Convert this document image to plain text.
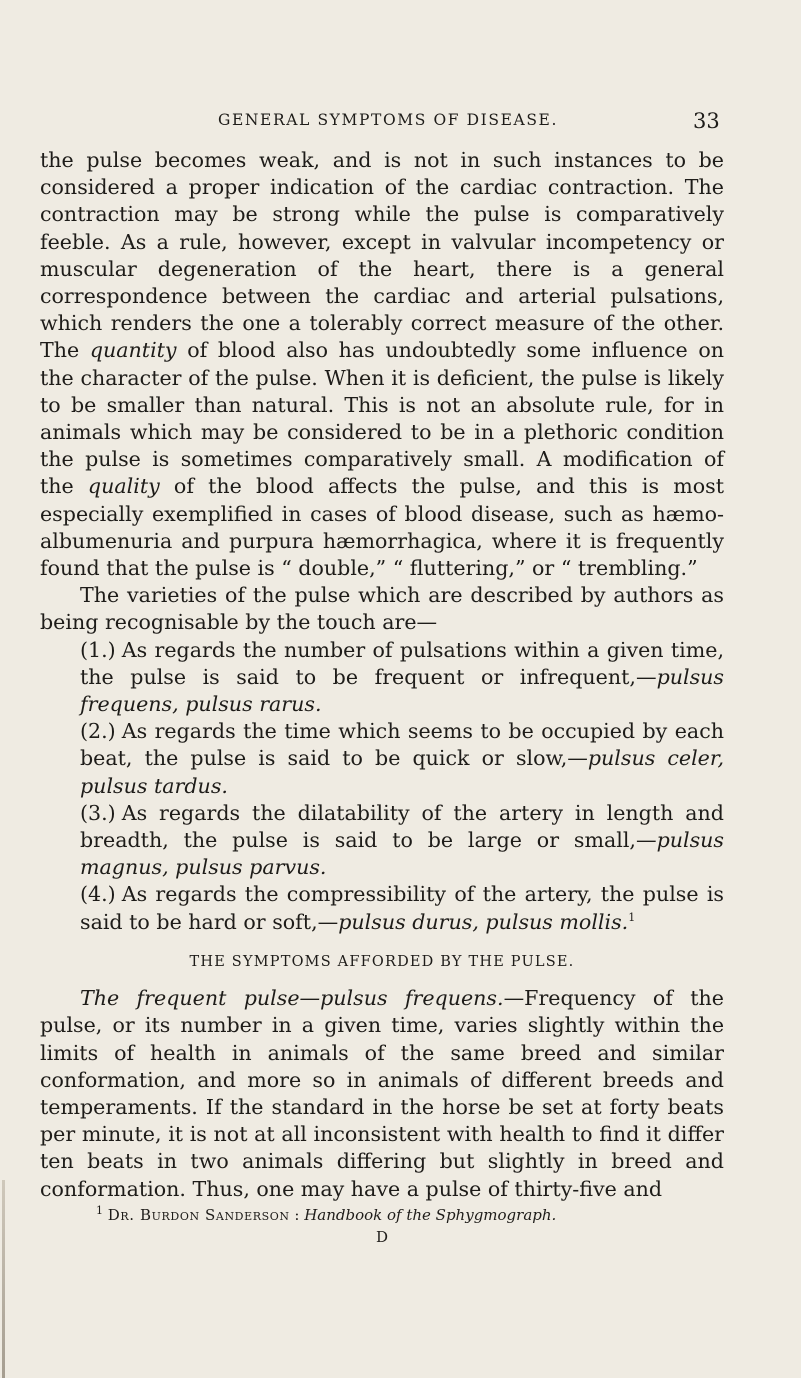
GENERAL SYMPTOMS OF DISEASE.	33

the pulse becomes weak, and is not in such instances to be considered a proper indication of the cardiac contraction. The contraction may be strong while the pulse is comparatively feeble. As a rule, however, except in valvular incompetency or muscular degeneration of the heart, there is a general correspondence between the cardiac and arterial pulsations, which renders the one a tolerably correct measure of the other. The quantity of blood also has undoubtedly some influence on the character of the pulse. When it is deficient, the pulse is likely to be smaller than natural. This is not an absolute rule, for in animals which may be considered to be in a plethoric condition the pulse is sometimes comparatively small. A modification of the quality of the blood affects the pulse, and this is most especially exemplified in cases of blood disease, such as hæmo-albumenuria and purpura hæmorrhagica, where it is frequently found that the pulse is “ double,” “ fluttering,” or “ trembling.”

The varieties of the pulse which are described by authors as being recognisable by the touch are—

(1.) As regards the number of pulsations within a given time, the pulse is said to be frequent or infrequent,—pulsus frequens, pulsus rarus.

(2.) As regards the time which seems to be occupied by each beat, the pulse is said to be quick or slow,—pulsus celer, pulsus tardus.

(3.) As regards the dilatability of the artery in length and breadth, the pulse is said to be large or small,—pulsus magnus, pulsus parvus.

(4.) As regards the compressibility of the artery, the pulse is said to be hard or soft,—pulsus durus, pulsus mollis.$^1$

THE SYMPTOMS AFFORDED BY THE PULSE.

The frequent pulse—pulsus frequens.—Frequency of the pulse, or its number in a given time, varies slightly within the limits of health in animals of the same breed and similar conformation, and more so in animals of different breeds and temperaments. If the standard in the horse be set at forty beats per minute, it is not at all inconsistent with health to find it differ ten beats in two animals differing but slightly in breed and conformation. Thus, one may have a pulse of thirty-five and

$^1$ Dr. Burdon Sanderson : Handbook of the Sphygmograph.
D
